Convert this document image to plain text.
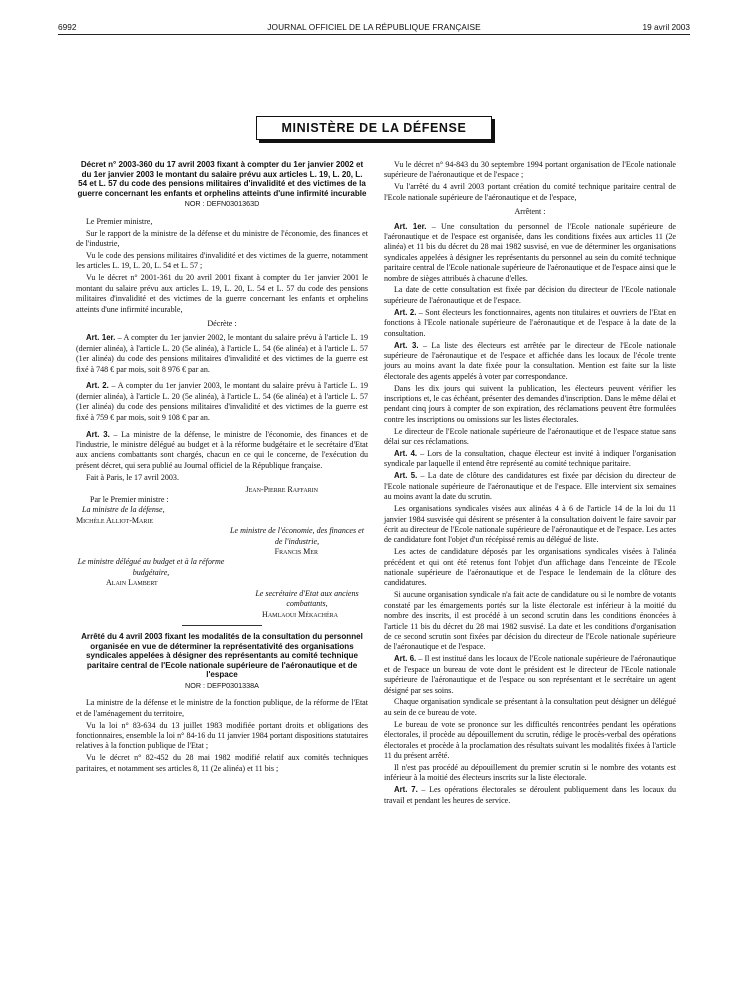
6992	JOURNAL OFFICIEL DE LA RÉPUBLIQUE FRANÇAISE	19 avril 2003
MINISTÈRE DE LA DÉFENSE

Décret n° 2003-360 du 17 avril 2003 fixant à compter du 1er janvier 2002 et du 1er janvier 2003 le montant du salaire prévu aux articles L. 19, L. 20, L. 54 et L. 57 du code des pensions militaires d'invalidité et des victimes de la guerre concernant les enfants et orphelins atteints d'une infirmité incurable

NOR : DEFN0301363D

Le Premier ministre,

Sur le rapport de la ministre de la défense et du ministre de l'économie, des finances et de l'industrie,

Vu le code des pensions militaires d'invalidité et des victimes de la guerre, notamment les articles L. 19, L. 20, L. 54 et L. 57 ;

Vu le décret n° 2001-361 du 20 avril 2001 fixant à compter du 1er janvier 2001 le montant du salaire prévu aux articles L. 19, L. 20, L. 54 et L. 57 du code des pensions militaires d'invalidité et des victimes de la guerre concernant les enfants et orphelins atteints d'une infirmité incurable,

Décrète :

Art. 1er. – A compter du 1er janvier 2002, le montant du salaire prévu à l'article L. 19 (dernier alinéa), à l'article L. 20 (5e alinéa), à l'article L. 54 (6e alinéa) et à l'article L. 57 (1er alinéa) du code des pensions militaires d'invalidité et des victimes de la guerre est fixé à 748 € par mois, soit 8 976 € par an.

Art. 2. – A compter du 1er janvier 2003, le montant du salaire prévu à l'article L. 19 (dernier alinéa), à l'article L. 20 (5e alinéa), à l'article L. 54 (6e alinéa) et à l'article L. 57 (1er alinéa) du code des pensions militaires d'invalidité et des victimes de la guerre est fixé à 759 € par mois, soit 9 108 € par an.

Art. 3. – La ministre de la défense, le ministre de l'économie, des finances et de l'industrie, le ministre délégué au budget et à la réforme budgétaire et le secrétaire d'Etat aux anciens combattants sont chargés, chacun en ce qui le concerne, de l'exécution du présent décret, qui sera publié au Journal officiel de la République française.

Fait à Paris, le 17 avril 2003.

Jean-Pierre Raffarin

Par le Premier ministre :

La ministre de la défense,

Michèle Alliot-Marie

Le ministre de l'économie, des finances et de l'industrie,

Francis Mer

Le ministre délégué au budget et à la réforme budgétaire,

Alain Lambert

Le secrétaire d'Etat aux anciens combattants,

Hamlaoui Mékachéra

Arrêté du 4 avril 2003 fixant les modalités de la consultation du personnel organisée en vue de déterminer la représentativité des organisations syndicales appelées à désigner des représentants au comité technique paritaire central de l'Ecole nationale supérieure de l'aéronautique et de l'espace

NOR : DEFP0301338A

La ministre de la défense et le ministre de la fonction publique, de la réforme de l'Etat et de l'aménagement du territoire,

Vu la loi n° 83-634 du 13 juillet 1983 modifiée portant droits et obligations des fonctionnaires, ensemble la loi n° 84-16 du 11 janvier 1984 portant dispositions statutaires relatives à la fonction publique de l'Etat ;

Vu le décret n° 82-452 du 28 mai 1982 modifié relatif aux comités techniques paritaires, et notamment ses articles 8, 11 (2e alinéa) et 11 bis ;

Vu le décret n° 94-843 du 30 septembre 1994 portant organisation de l'Ecole nationale supérieure de l'aéronautique et de l'espace ;

Vu l'arrêté du 4 avril 2003 portant création du comité technique paritaire central de l'Ecole nationale supérieure de l'aéronautique et de l'espace,

Arrêtent :

Art. 1er. – Une consultation du personnel de l'Ecole nationale supérieure de l'aéronautique et de l'espace est organisée, dans les conditions fixées aux articles 11 (2e alinéa) et 11 bis du décret du 28 mai 1982 susvisé, en vue de déterminer les organisations syndicales appelées à désigner les représentants du personnel au sein du comité technique paritaire central de l'Ecole nationale supérieure de l'aéronautique et de l'espace ainsi que le nombre de sièges attribués à chacune d'elles.

La date de cette consultation est fixée par décision du directeur de l'Ecole nationale supérieure de l'aéronautique et de l'espace.

Art. 2. – Sont électeurs les fonctionnaires, agents non titulaires et ouvriers de l'Etat en fonctions à l'Ecole nationale supérieure de l'aéronautique et de l'espace à la date de la consultation.

Art. 3. – La liste des électeurs est arrêtée par le directeur de l'Ecole nationale supérieure de l'aéronautique et de l'espace et affichée dans les locaux de l'école trente jours au moins avant la date fixée pour la consultation. Mention est faite sur la liste électorale des agents appelés à voter par correspondance.

Dans les dix jours qui suivent la publication, les électeurs peuvent vérifier les inscriptions et, le cas échéant, présenter des demandes d'inscription. Dans le même délai et pendant cinq jours à compter de son expiration, des réclamations peuvent être formulées contre les inscriptions ou omissions sur les listes électorales.

Le directeur de l'Ecole nationale supérieure de l'aéronautique et de l'espace statue sans délai sur ces réclamations.

Art. 4. – Lors de la consultation, chaque électeur est invité à indiquer l'organisation syndicale par laquelle il entend être représenté au comité technique paritaire.

Art. 5. – La date de clôture des candidatures est fixée par décision du directeur de l'Ecole nationale supérieure de l'aéronautique et de l'espace. Elle intervient six semaines au moins avant la date du scrutin.

Les organisations syndicales visées aux alinéas 4 à 6 de l'article 14 de la loi du 11 janvier 1984 susvisée qui désirent se présenter à la consultation doivent le faire savoir par écrit au directeur de l'Ecole nationale supérieure de l'aéronautique et de l'espace. Les actes de candidature font l'objet d'un récépissé remis au délégué de liste.

Les actes de candidature déposés par les organisations syndicales visées à l'alinéa précédent et qui ont été retenus font l'objet d'un affichage dans l'enceinte de l'Ecole nationale supérieure de l'aéronautique et de l'espace le lendemain de la clôture des candidatures.

Si aucune organisation syndicale n'a fait acte de candidature ou si le nombre de votants constaté par les émargements portés sur la liste électorale est inférieur à la moitié du nombre des inscrits, il est procédé à un second scrutin dans les conditions énoncées à l'article 11 bis du décret du 28 mai 1982 susvisé. La date et les conditions d'organisation de ce second scrutin sont fixées par décision du directeur de l'Ecole nationale supérieure de l'aéronautique et de l'espace.

Art. 6. – Il est institué dans les locaux de l'Ecole nationale supérieure de l'aéronautique et de l'espace un bureau de vote dont le président est le directeur de l'Ecole nationale supérieure de l'aéronautique et de l'espace ou son représentant et le secrétaire un agent désigné par ses soins.

Chaque organisation syndicale se présentant à la consultation peut désigner un délégué au sein de ce bureau de vote.

Le bureau de vote se prononce sur les difficultés rencontrées pendant les opérations électorales, il procède au dépouillement du scrutin, rédige le procès-verbal des opérations électorales et procède à la proclamation des résultats suivant les modalités fixées à l'article 11 du présent arrêté.

Il n'est pas procédé au dépouillement du premier scrutin si le nombre des votants est inférieur à la moitié des électeurs inscrits sur la liste électorale.

Art. 7. – Les opérations électorales se déroulent publiquement dans les locaux du travail et pendant les heures de service.
